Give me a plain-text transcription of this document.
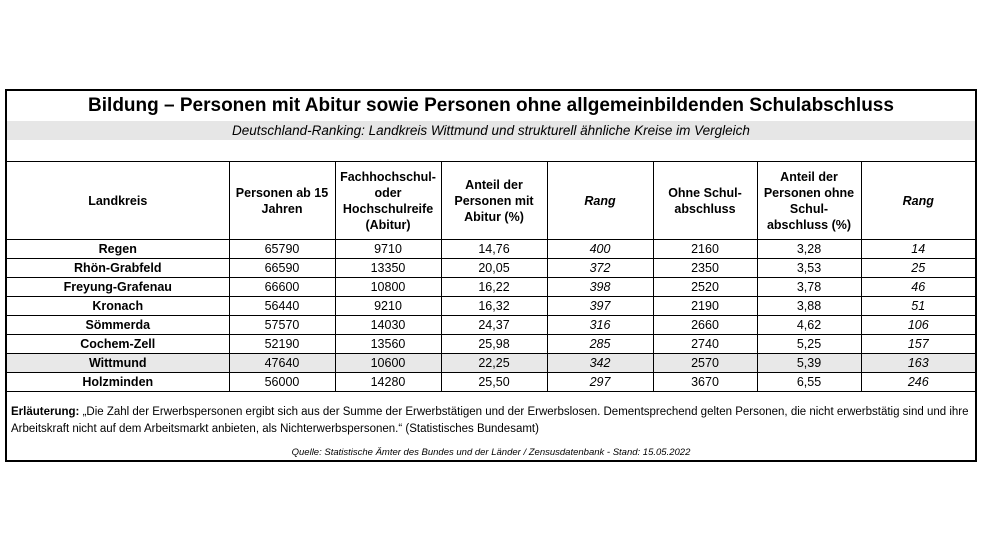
Bildung – Personen mit Abitur sowie Personen ohne allgemeinbildenden Schulabschluss
Deutschland-Ranking: Landkreis Wittmund und strukturell ähnliche Kreise im Vergleich
Landkreis	Personen ab 15 Jahren	Fachhochschul- oder Hochschulreife (Abitur)	Anteil der Personen mit Abitur (%)	Rang	Ohne Schul-abschluss	Anteil der Personen ohne Schul-abschluss (%)	Rang
Regen	65790	9710	14,76	400	2160	3,28	14
Rhön-Grabfeld	66590	13350	20,05	372	2350	3,53	25
Freyung-Grafenau	66600	10800	16,22	398	2520	3,78	46
Kronach	56440	9210	16,32	397	2190	3,88	51
Sömmerda	57570	14030	24,37	316	2660	4,62	106
Cochem-Zell	52190	13560	25,98	285	2740	5,25	157
Wittmund	47640	10600	22,25	342	2570	5,39	163
Holzminden	56000	14280	25,50	297	3670	6,55	246
Erläuterung: „Die Zahl der Erwerbspersonen ergibt sich aus der Summe der Erwerbstätigen und der Erwerbslosen. Dementsprechend gelten Personen, die nicht erwerbstätig sind und ihre Arbeitskraft nicht auf dem Arbeitsmarkt anbieten, als Nichterwerbspersonen.“ (Statistisches Bundesamt)
Quelle: Statistische Ämter des Bundes und der Länder / Zensusdatenbank - Stand: 15.05.2022
